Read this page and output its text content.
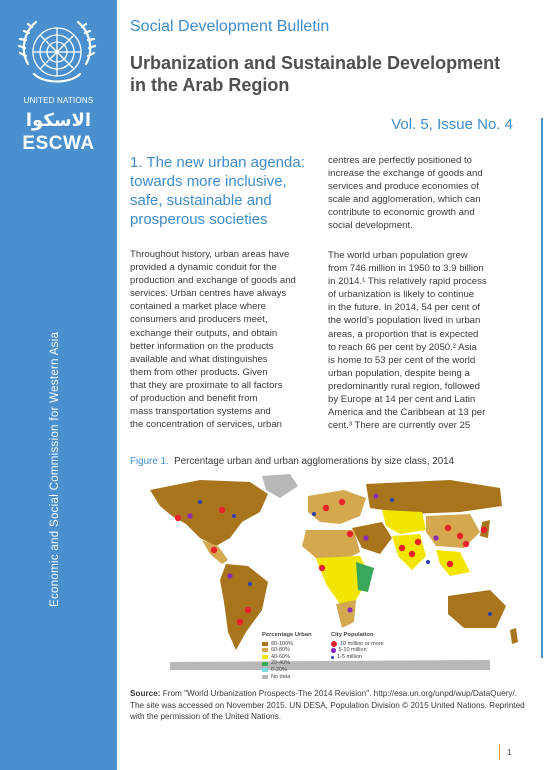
UNITED NATIONS
الاسكوا
ESCWA
Economic and Social Commission for Western Asia
Social Development Bulletin
Urbanization and Sustainable Development in the Arab Region
Vol. 5, Issue No. 4
1. The new urban agenda: towards more inclusive, safe, sustainable and prosperous societies

Throughout history, urban areas have
provided a dynamic conduit for the
production and exchange of goods and
services. Urban centres have always
contained a market place where
consumers and producers meet,
exchange their outputs, and obtain
better information on the products
available and what distinguishes
them from other products. Given
that they are proximate to all factors
of production and benefit from
mass transportation systems and
the concentration of services, urban

centres are perfectly positioned to
increase the exchange of goods and
services and produce economies of
scale and agglomeration, which can
contribute to economic growth and
social development.

The world urban population grew
from 746 million in 1950 to 3.9 billion
in 2014.¹ This relatively rapid process
of urbanization is likely to continue
in the future. In 2014, 54 per cent of
the world’s population lived in urban
areas, a proportion that is expected
to reach 66 per cent by 2050.² Asia
is home to 53 per cent of the world
urban population, despite being a
predominantly rural region, followed
by Europe at 14 per cent and Latin
America and the Caribbean at 13 per
cent.³ There are currently over 25

Figure 1. Percentage urban and urban agglomerations by size class, 2014
Percentage Urban
80-100%
60-80%
40-60%
20-40%
0-20%
No data
City Population
10 million or more
5-10 million
1-5 million
Source: From "World Urbanization Prospects-The 2014 Revision". http://esa.un.org/unpd/wup/DataQuery/. The site was accessed on November 2015. UN DESA, Population Division © 2015 United Nations. Reprinted with the permission of the United Nations.
1
